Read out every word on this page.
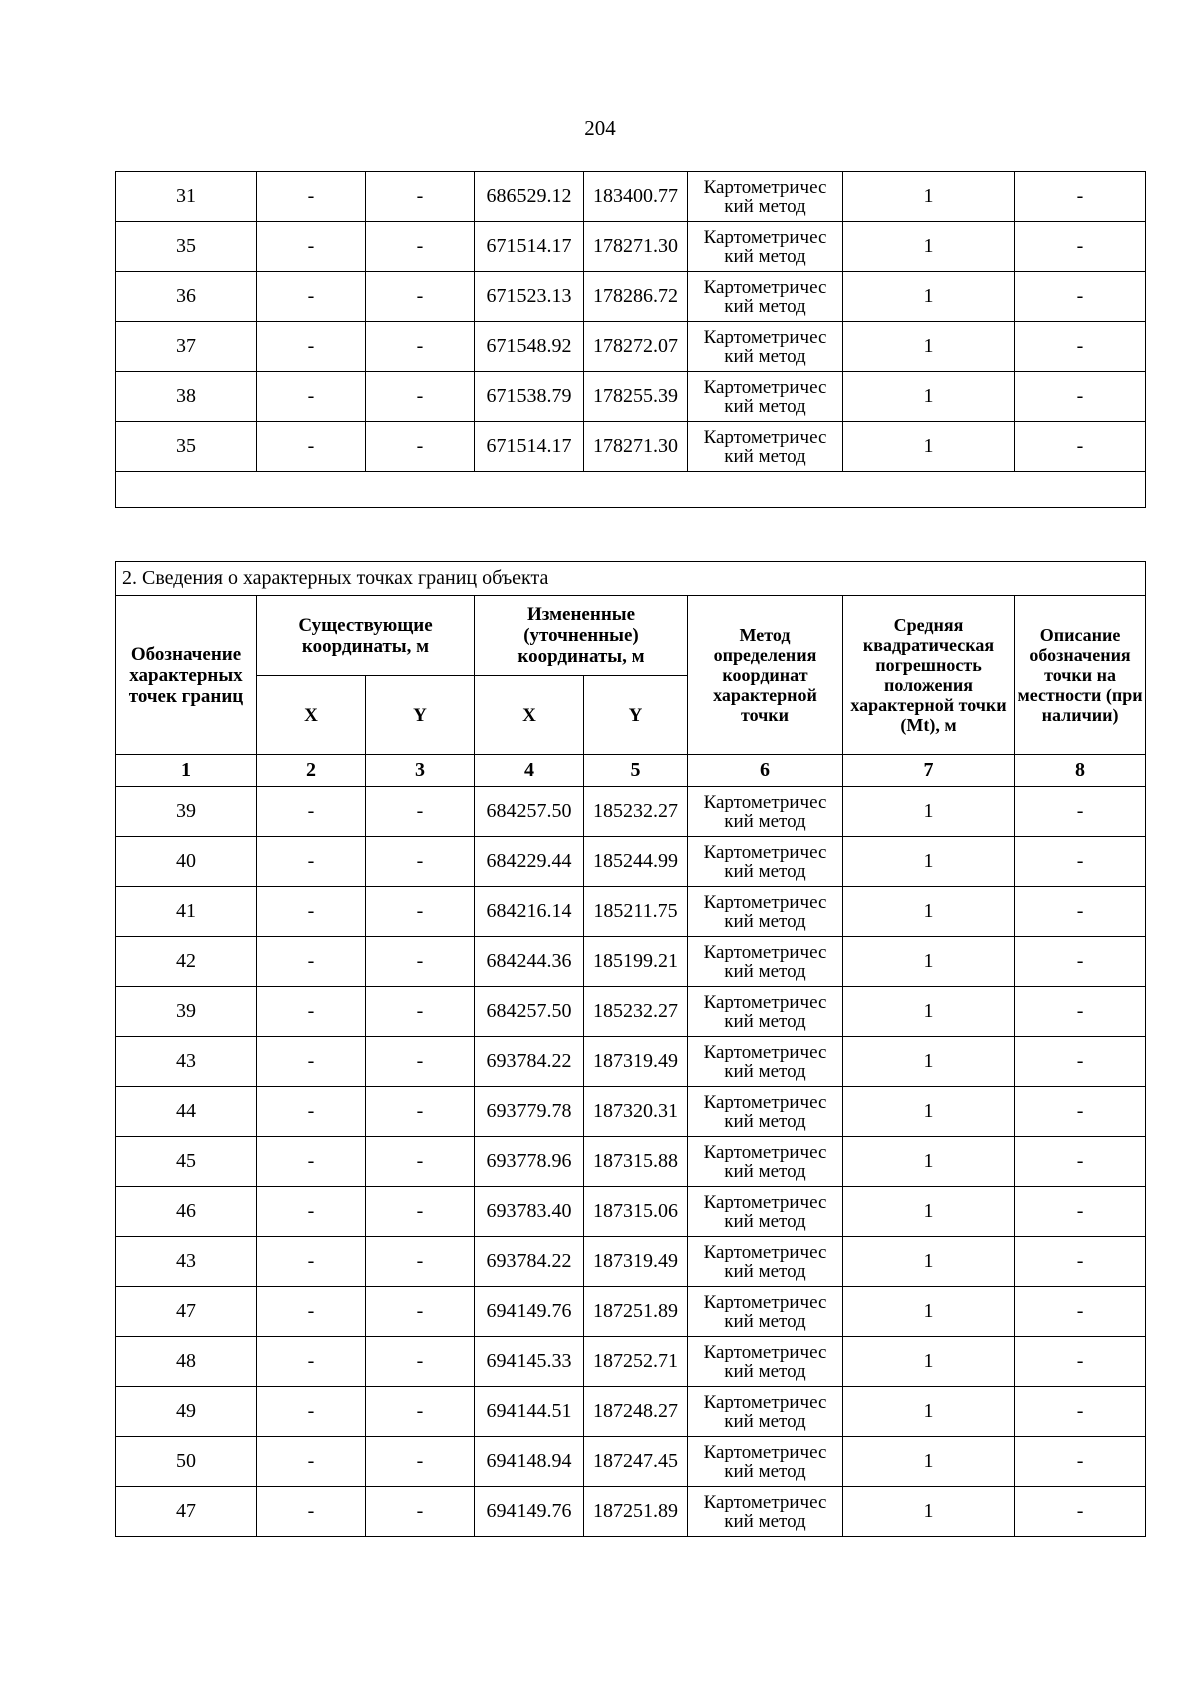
204
31	-	-	686529.12	183400.77	Картометричес кий метод	1	-
35	-	-	671514.17	178271.30	Картометричес кий метод	1	-
36	-	-	671523.13	178286.72	Картометричес кий метод	1	-
37	-	-	671548.92	178272.07	Картометричес кий метод	1	-
38	-	-	671538.79	178255.39	Картометричес кий метод	1	-
35	-	-	671514.17	178271.30	Картометричес кий метод	1	-

2. Сведения о характерных точках границ объекта							
Обозначение характерных точек границ	Существующие координаты, м		Измененные (уточненные) координаты, м		Метод определения координат характерной точки	Средняя квадратическая погрешность положения характерной точки (Mt), м	Описание обозначения точки на местности (при наличии)
	X	Y	X	Y			
1	2	3	4	5	6	7	8
39	-	-	684257.50	185232.27	Картометричес кий метод	1	-
40	-	-	684229.44	185244.99	Картометричес кий метод	1	-
41	-	-	684216.14	185211.75	Картометричес кий метод	1	-
42	-	-	684244.36	185199.21	Картометричес кий метод	1	-
39	-	-	684257.50	185232.27	Картометричес кий метод	1	-
43	-	-	693784.22	187319.49	Картометричес кий метод	1	-
44	-	-	693779.78	187320.31	Картометричес кий метод	1	-
45	-	-	693778.96	187315.88	Картометричес кий метод	1	-
46	-	-	693783.40	187315.06	Картометричес кий метод	1	-
43	-	-	693784.22	187319.49	Картометричес кий метод	1	-
47	-	-	694149.76	187251.89	Картометричес кий метод	1	-
48	-	-	694145.33	187252.71	Картометричес кий метод	1	-
49	-	-	694144.51	187248.27	Картометричес кий метод	1	-
50	-	-	694148.94	187247.45	Картометричес кий метод	1	-
47	-	-	694149.76	187251.89	Картометричес кий метод	1	-
